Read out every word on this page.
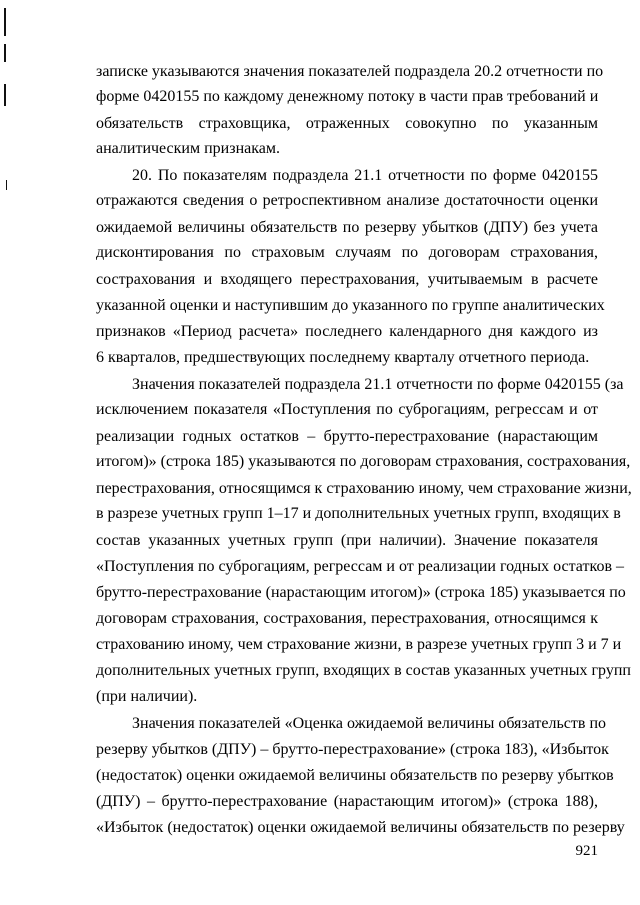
записке указываются значения показателей подраздела 20.2 отчетности по
форме 0420155 по каждому денежному потоку в части прав требований и
обязательств страховщика, отраженных совокупно по указанным
аналитическим признакам.
20. По показателям подраздела 21.1 отчетности по форме 0420155
отражаются сведения о ретроспективном анализе достаточности оценки
ожидаемой величины обязательств по резерву убытков (ДПУ) без учета
дисконтирования по страховым случаям по договорам страхования,
сострахования и входящего перестрахования, учитываемым в расчете
указанной оценки и наступившим до указанного по группе аналитических
признаков «Период расчета» последнего календарного дня каждого из
6 кварталов, предшествующих последнему кварталу отчетного периода.
Значения показателей подраздела 21.1 отчетности по форме 0420155 (за
исключением показателя «Поступления по суброгациям, регрессам и от
реализации годных остатков – брутто-перестрахование (нарастающим
итогом)» (строка 185) указываются по договорам страхования, сострахования,
перестрахования, относящимся к страхованию иному, чем страхование жизни,
в разрезе учетных групп 1–17 и дополнительных учетных групп, входящих в
состав указанных учетных групп (при наличии). Значение показателя
«Поступления по суброгациям, регрессам и от реализации годных остатков –
брутто-перестрахование (нарастающим итогом)» (строка 185) указывается по
договорам страхования, сострахования, перестрахования, относящимся к
страхованию иному, чем страхование жизни, в разрезе учетных групп 3 и 7 и
дополнительных учетных групп, входящих в состав указанных учетных групп
(при наличии).
Значения показателей «Оценка ожидаемой величины обязательств по
резерву убытков (ДПУ) – брутто-перестрахование» (строка 183), «Избыток
(недостаток) оценки ожидаемой величины обязательств по резерву убытков
(ДПУ) – брутто-перестрахование (нарастающим итогом)» (строка 188),
«Избыток (недостаток) оценки ожидаемой величины обязательств по резерву
921
